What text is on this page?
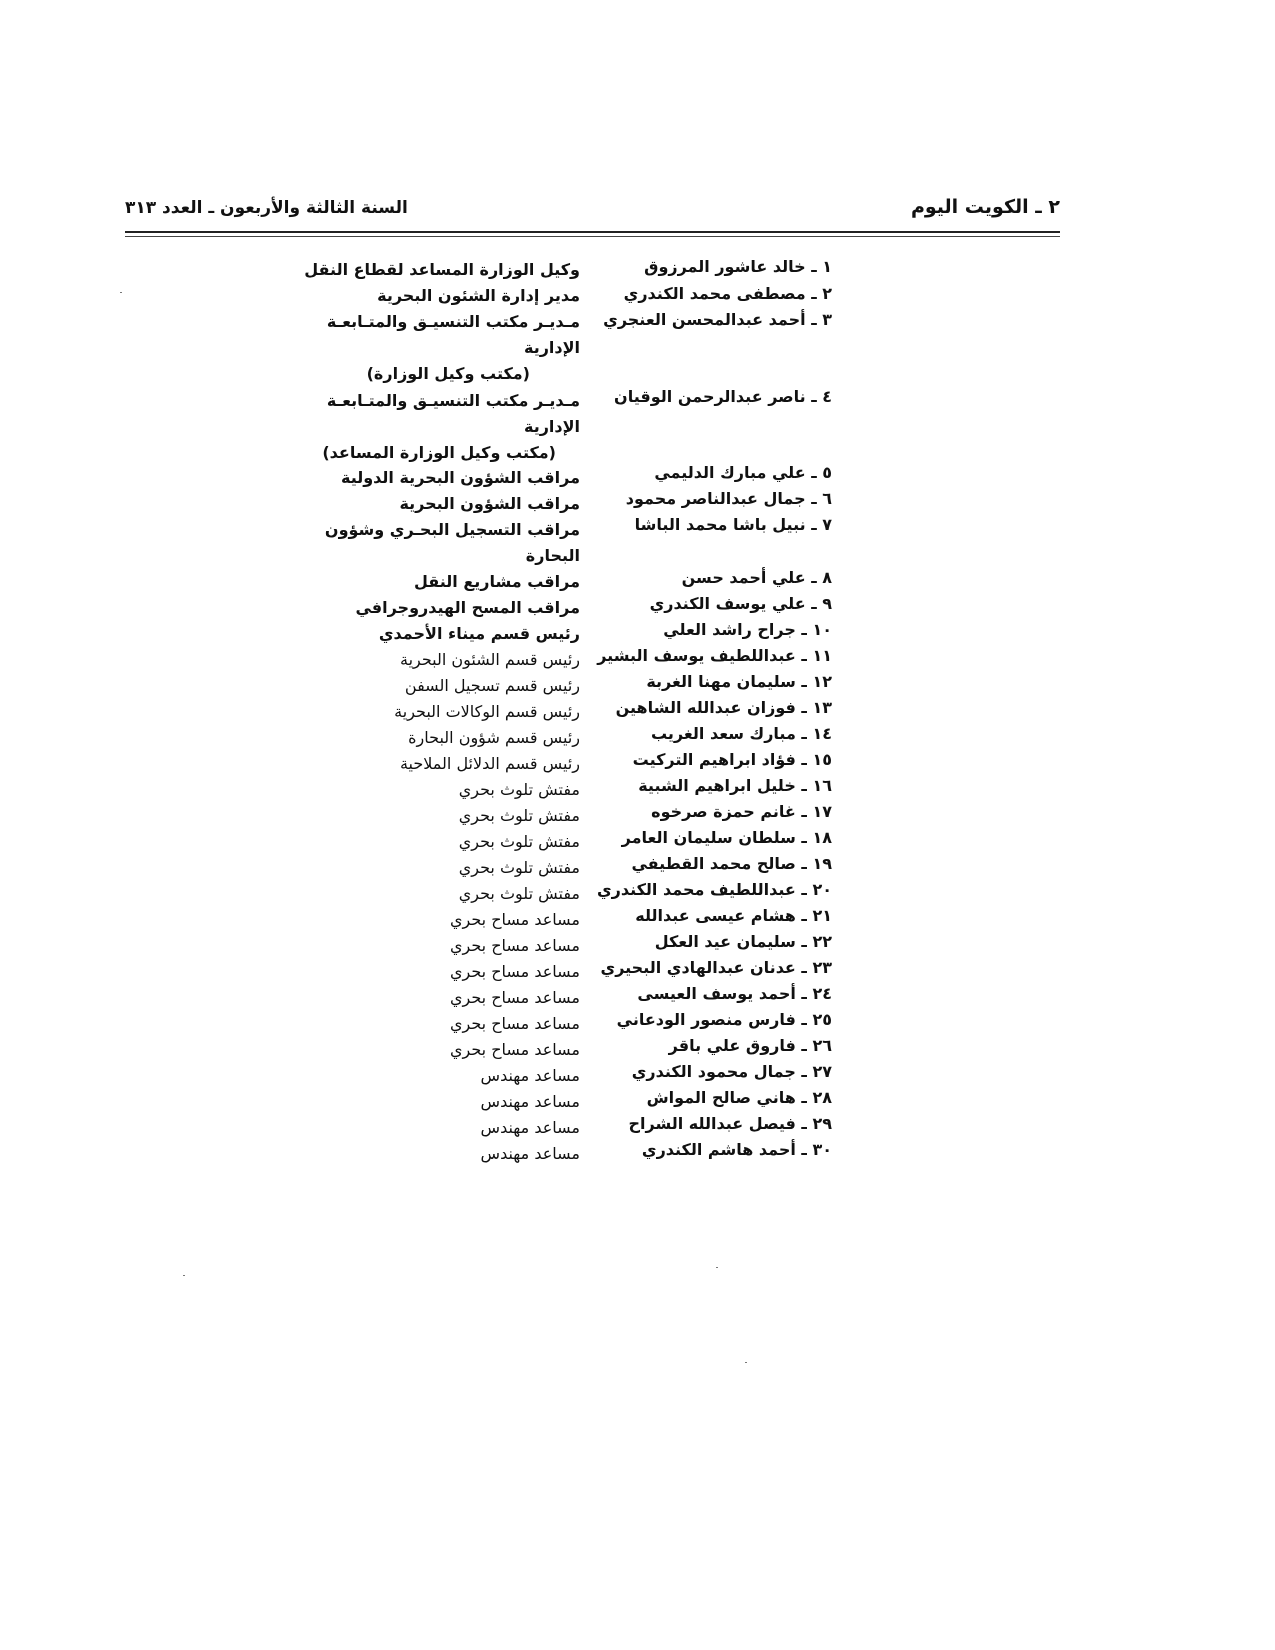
٢ ـ الكويت اليوم
السنة الثالثة والأربعون ـ العدد ٣١٣
١ ـ خالد عاشور المرزوق
٢ ـ مصطفى محمد الكندري
٣ ـ أحمد عبدالمحسن العنجري
٤ ـ ناصر عبدالرحمن الوقيان
٥ ـ علي مبارك الدليمي
٦ ـ جمال عبدالناصر محمود
٧ ـ نبيل باشا محمد الباشا
٨ ـ علي أحمد حسن
٩ ـ علي يوسف الكندري
١٠ ـ جراح راشد العلي
١١ ـ عبداللطيف يوسف البشير
١٢ ـ سليمان مهنا الغربة
١٣ ـ فوزان عبدالله الشاهين
١٤ ـ مبارك سعد الغريب
١٥ ـ فؤاد ابراهيم التركيت
١٦ ـ خليل ابراهيم الشبية
١٧ ـ غانم حمزة صرخوه
١٨ ـ سلطان سليمان العامر
١٩ ـ صالح محمد القطيفي
٢٠ ـ عبداللطيف محمد الكندري
٢١ ـ هشام عيسى عبدالله
٢٢ ـ سليمان عيد العكل
٢٣ ـ عدنان عبدالهادي البحيري
٢٤ ـ أحمد يوسف العيسى
٢٥ ـ فارس منصور الودعاني
٢٦ ـ فاروق علي باقر
٢٧ ـ جمال محمود الكندري
٢٨ ـ هاني صالح المواش
٢٩ ـ فيصل عبدالله الشراح
٣٠ ـ أحمد هاشم الكندري
وكيل الوزارة المساعد لقطاع النقل
مدير إدارة الشئون البحرية
مـديـر مكتب التنسيـق والمتـابعـة
الإدارية
(مكتب وكيل الوزارة)
مـديـر مكتب التنسيـق والمتـابعـة
الإدارية
(مكتب وكيل الوزارة المساعد)
مراقب الشؤون البحرية الدولية
مراقب الشؤون البحرية
مراقب التسجيل البحـري وشؤون
البحارة
مراقب مشاريع النقل
مراقب المسح الهيدروجرافي
رئيس قسم ميناء الأحمدي
رئيس قسم الشئون البحرية
رئيس قسم تسجيل السفن
رئيس قسم الوكالات البحرية
رئيس قسم شؤون البحارة
رئيس قسم الدلائل الملاحية
مفتش تلوث بحري
مفتش تلوث بحري
مفتش تلوث بحري
مفتش تلوث بحري
مفتش تلوث بحري
مساعد مساح بحري
مساعد مساح بحري
مساعد مساح بحري
مساعد مساح بحري
مساعد مساح بحري
مساعد مساح بحري
مساعد مهندس
مساعد مهندس
مساعد مهندس
مساعد مهندس
